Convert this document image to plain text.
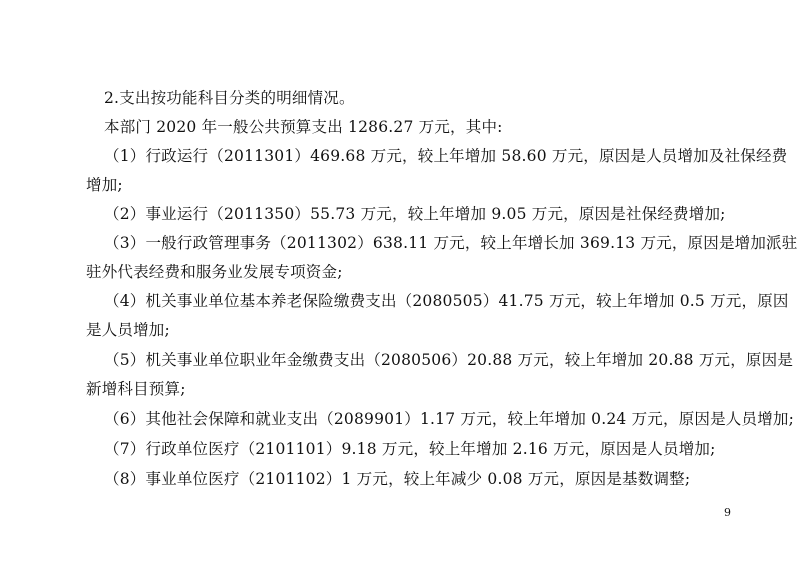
2.支出按功能科目分类的明细情况。
本部门 2020 年一般公共预算支出 1286.27 万元，其中:
（1）行政运行（2011301）469.68 万元，较上年增加 58.60 万元，原因是人员增加及社保经费
增加;
（2）事业运行（2011350）55.73 万元，较上年增加 9.05 万元，原因是社保经费增加;
（3）一般行政管理事务（2011302）638.11 万元，较上年增长加 369.13 万元，原因是增加派驻
驻外代表经费和服务业发展专项资金;
（4）机关事业单位基本养老保险缴费支出（2080505）41.75 万元，较上年增加 0.5 万元，原因
是人员增加;
（5）机关事业单位职业年金缴费支出（2080506）20.88 万元，较上年增加 20.88 万元，原因是
新增科目预算;
（6）其他社会保障和就业支出（2089901）1.17 万元，较上年增加 0.24 万元，原因是人员增加;
（7）行政单位医疗（2101101）9.18 万元，较上年增加 2.16 万元，原因是人员增加;
（8）事业单位医疗（2101102）1 万元，较上年减少 0.08 万元，原因是基数调整;
9
